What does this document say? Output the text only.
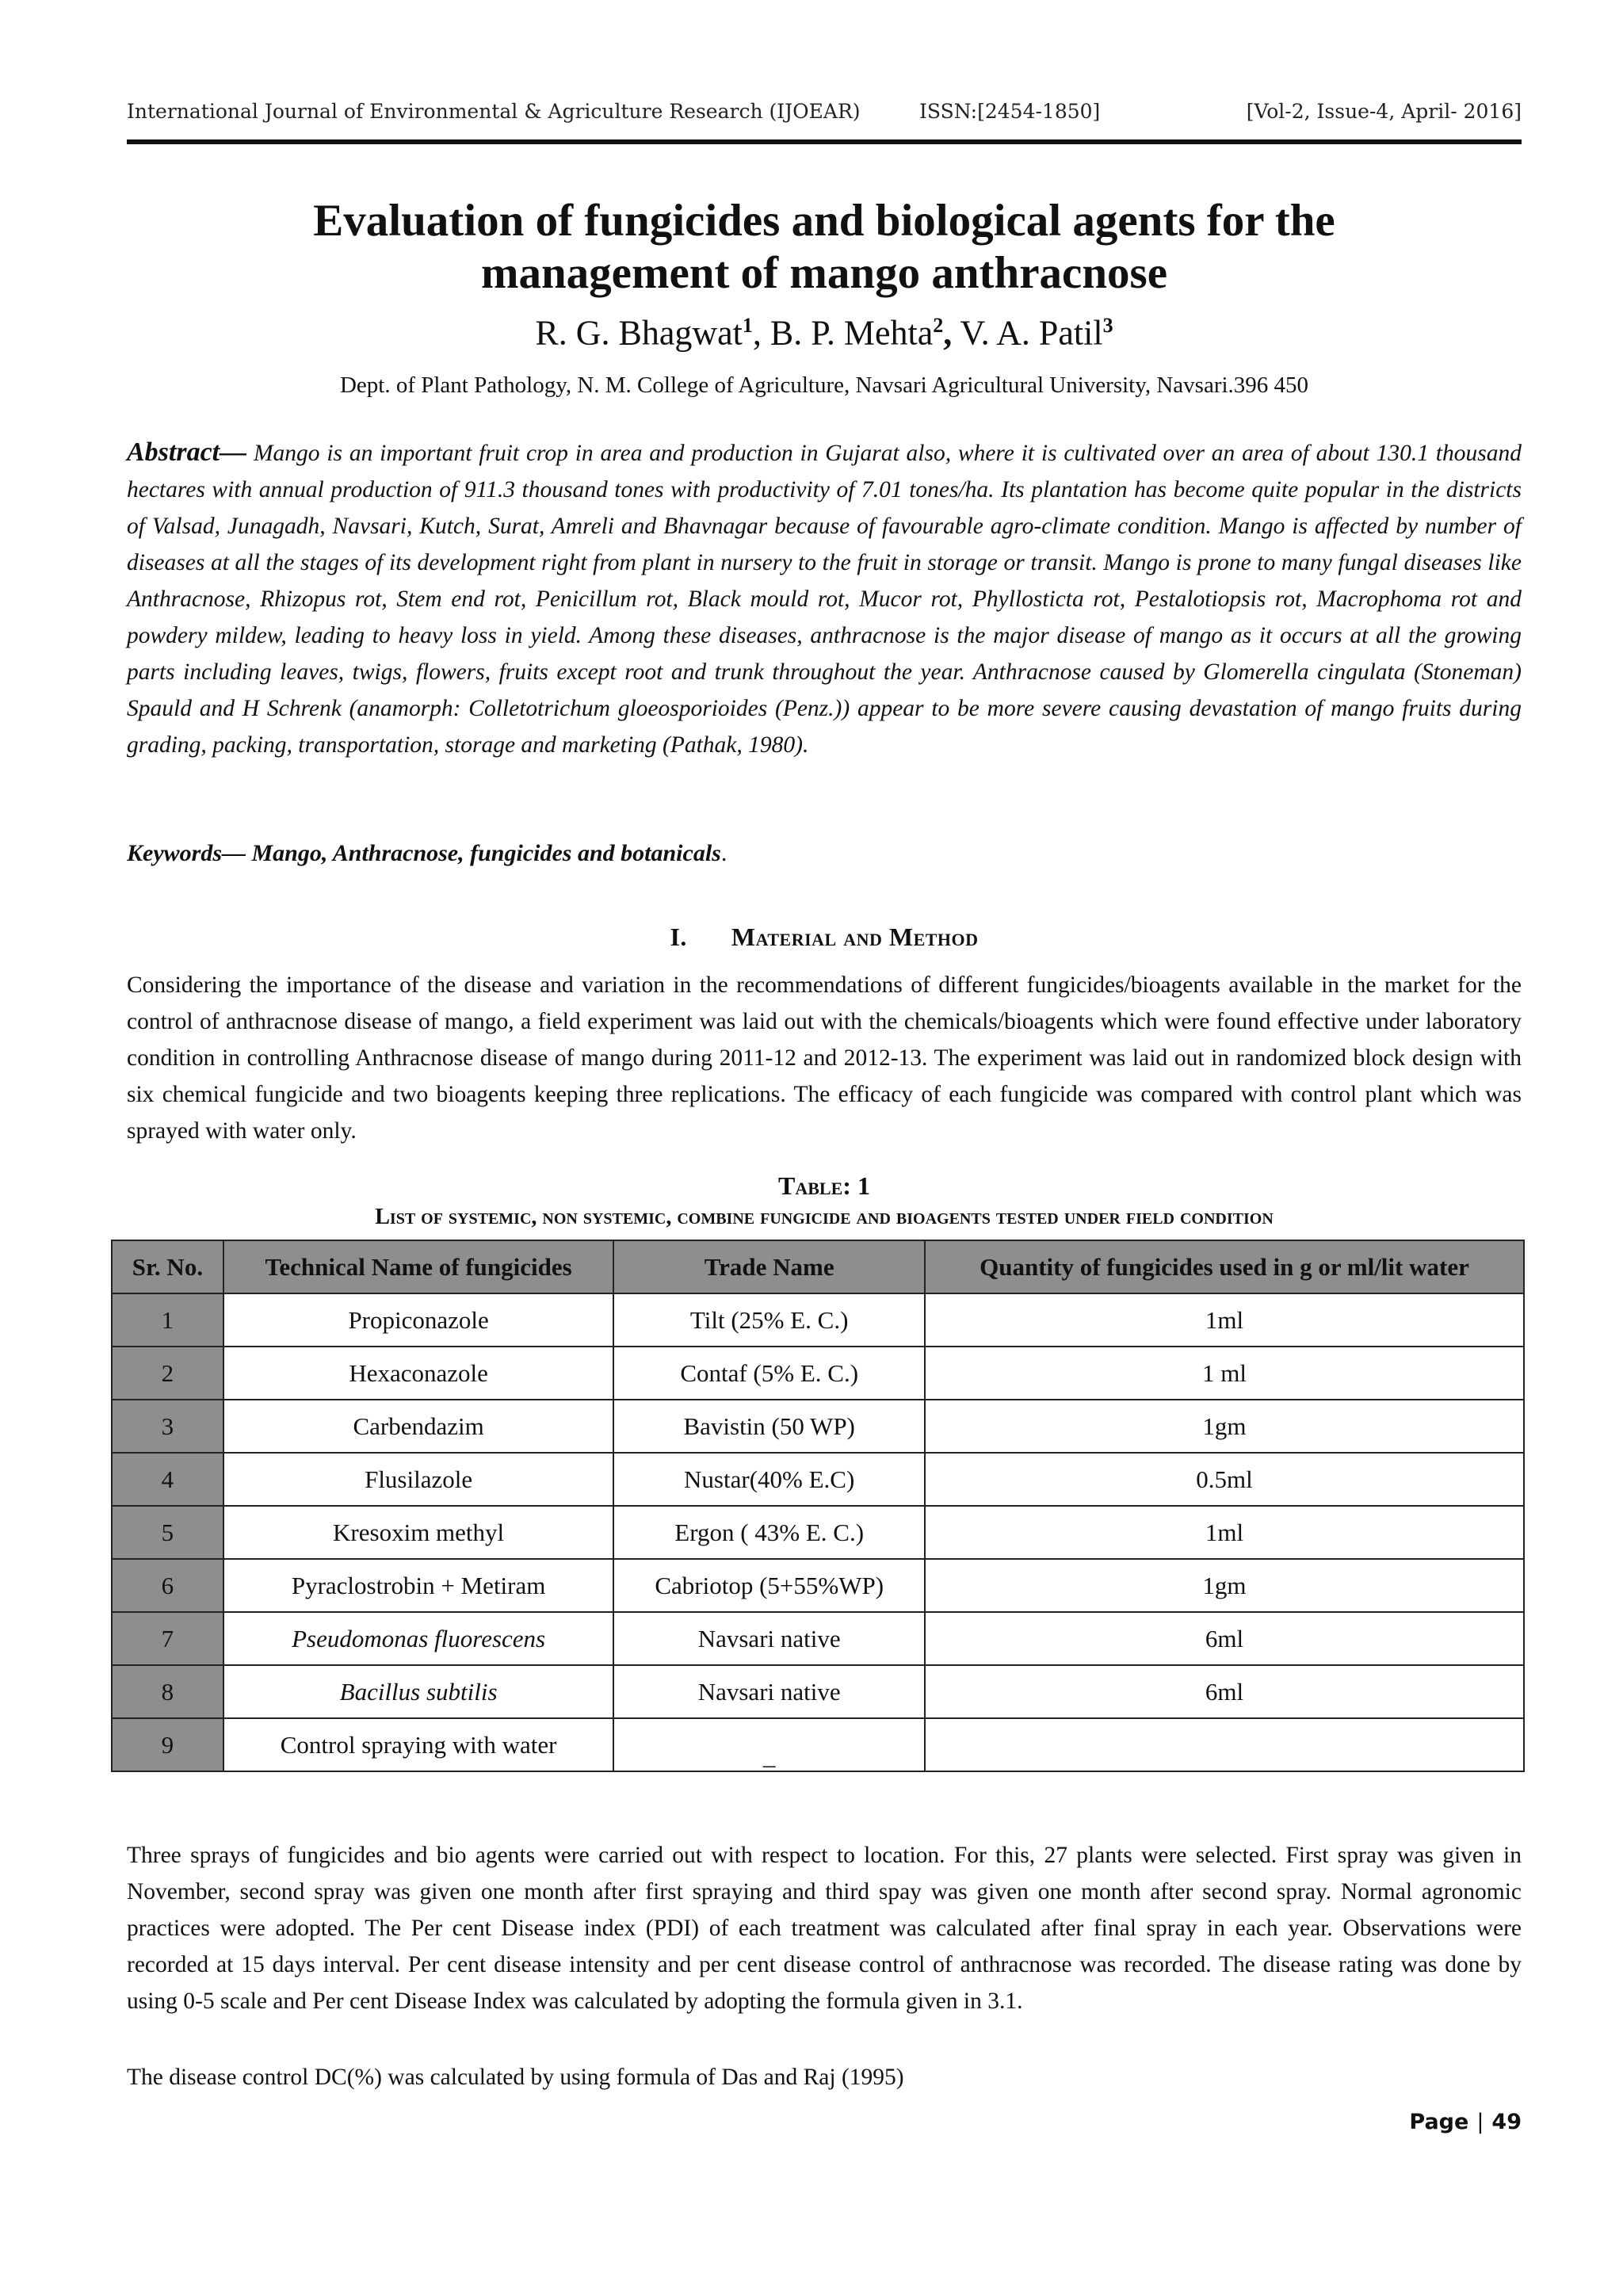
International Journal of Environmental & Agriculture Research (IJOEAR)	ISSN:[2454-1850]	[Vol-2, Issue-4, April- 2016]
Evaluation of fungicides and biological agents for the
management of mango anthracnose
R. G. Bhagwat$^1$, B. P. Mehta$^2$, V. A. Patil$^3$
Dept. of Plant Pathology, N. M. College of Agriculture, Navsari Agricultural University, Navsari.396 450
Abstract— Mango is an important fruit crop in area and production in Gujarat also, where it is cultivated over an area of about 130.1 thousand hectares with annual production of 911.3 thousand tones with productivity of 7.01 tones/ha. Its plantation has become quite popular in the districts of Valsad, Junagadh, Navsari, Kutch, Surat, Amreli and Bhavnagar because of favourable agro-climate condition. Mango is affected by number of diseases at all the stages of its development right from plant in nursery to the fruit in storage or transit. Mango is prone to many fungal diseases like Anthracnose, Rhizopus rot, Stem end rot, Penicillum rot, Black mould rot, Mucor rot, Phyllosticta rot, Pestalotiopsis rot, Macrophoma rot and powdery mildew, leading to heavy loss in yield. Among these diseases, anthracnose is the major disease of mango as it occurs at all the growing parts including leaves, twigs, flowers, fruits except root and trunk throughout the year. Anthracnose caused by Glomerella cingulata (Stoneman) Spauld and H Schrenk (anamorph: Colletotrichum gloeosporioides (Penz.)) appear to be more severe causing devastation of mango fruits during grading, packing, transportation, storage and marketing (Pathak, 1980).
Keywords— Mango, Anthracnose, fungicides and botanicals.
I. Material and Method
Considering the importance of the disease and variation in the recommendations of different fungicides/bioagents available in the market for the control of anthracnose disease of mango, a field experiment was laid out with the chemicals/bioagents which were found effective under laboratory condition in controlling Anthracnose disease of mango during 2011-12 and 2012-13. The experiment was laid out in randomized block design with six chemical fungicide and two bioagents keeping three replications. The efficacy of each fungicide was compared with control plant which was sprayed with water only.
Table: 1
List of systemic, non systemic, combine fungicide and bioagents tested under field condition
Sr. No.	Technical Name of fungicides	Trade Name	Quantity of fungicides used in g or ml/lit water
1	Propiconazole	Tilt (25% E. C.)	1ml
2	Hexaconazole	Contaf (5% E. C.)	1 ml
3	Carbendazim	Bavistin (50 WP)	1gm
4	Flusilazole	Nustar(40% E.C)	0.5ml
5	Kresoxim methyl	Ergon ( 43% E. C.)	1ml
6	Pyraclostrobin + Metiram	Cabriotop (5+55%WP)	1gm
7	Pseudomonas fluorescens	Navsari native	6ml
8	Bacillus subtilis	Navsari native	6ml
9	Control spraying with water	_	
Three sprays of fungicides and bio agents were carried out with respect to location. For this, 27 plants were selected. First spray was given in November, second spray was given one month after first spraying and third spay was given one month after second spray. Normal agronomic practices were adopted. The Per cent Disease index (PDI) of each treatment was calculated after final spray in each year. Observations were recorded at 15 days interval. Per cent disease intensity and per cent disease control of anthracnose was recorded. The disease rating was done by using 0-5 scale and Per cent Disease Index was calculated by adopting the formula given in 3.1.
The disease control DC(%) was calculated by using formula of Das and Raj (1995)
Page | 49
